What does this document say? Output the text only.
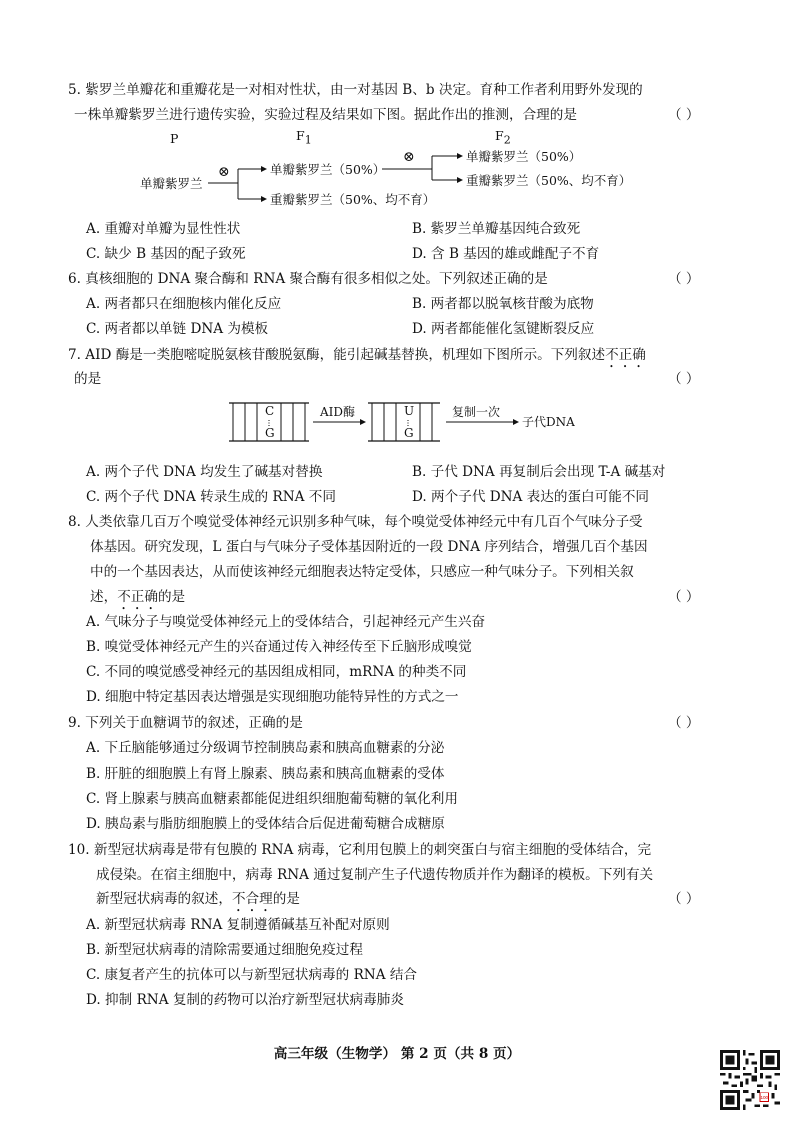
5. 紫罗兰单瓣花和重瓣花是一对相对性状，由一对基因 B、b 决定。育种工作者利用野外发现的
一株单瓣紫罗兰进行遗传实验，实验过程及结果如下图。据此作出的推测，合理的是	（ ）
P	$F_1$	$F_2$
单瓣紫罗兰
⊗	单瓣紫罗兰（50%）
重瓣紫罗兰（50%、均不育）
⊗	单瓣紫罗兰（50%）
重瓣紫罗兰（50%、均不育）
A. 重瓣对单瓣为显性性状	B. 紫罗兰单瓣基因纯合致死
C. 缺少 B 基因的配子致死	D. 含 B 基因的雄或雌配子不育
6. 真核细胞的 DNA 聚合酶和 RNA 聚合酶有很多相似之处。下列叙述正确的是	（ ）
A. 两者都只在细胞核内催化反应	B. 两者都以脱氧核苷酸为底物
C. 两者都以单链 DNA 为模板	D. 两者都能催化氢键断裂反应
7. AID 酶是一类胞嘧啶脱氨核苷酸脱氨酶，能引起碱基替换，机理如下图所示。下列叙述不正确
的是	（ ）
C
G
AID酶	U
G
复制一次
子代DNA
A. 两个子代 DNA 均发生了碱基对替换	B. 子代 DNA 再复制后会出现 T-A 碱基对
C. 两个子代 DNA 转录生成的 RNA 不同	D. 两个子代 DNA 表达的蛋白可能不同
8. 人类依靠几百万个嗅觉受体神经元识别多种气味，每个嗅觉受体神经元中有几百个气味分子受
体基因。研究发现，L 蛋白与气味分子受体基因附近的一段 DNA 序列结合，增强几百个基因
中的一个基因表达，从而使该神经元细胞表达特定受体，只感应一种气味分子。下列相关叙
述，不正确的是	（ ）
A. 气味分子与嗅觉受体神经元上的受体结合，引起神经元产生兴奋
B. 嗅觉受体神经元产生的兴奋通过传入神经传至下丘脑形成嗅觉
C. 不同的嗅觉感受神经元的基因组成相同，mRNA 的种类不同
D. 细胞中特定基因表达增强是实现细胞功能特异性的方式之一
9. 下列关于血糖调节的叙述，正确的是	（ ）
A. 下丘脑能够通过分级调节控制胰岛素和胰高血糖素的分泌
B. 肝脏的细胞膜上有肾上腺素、胰岛素和胰高血糖素的受体
C. 肾上腺素与胰高血糖素都能促进组织细胞葡萄糖的氧化利用
D. 胰岛素与脂肪细胞膜上的受体结合后促进葡萄糖合成糖原
10. 新型冠状病毒是带有包膜的 RNA 病毒，它利用包膜上的刺突蛋白与宿主细胞的受体结合，完
成侵染。在宿主细胞中，病毒 RNA 通过复制产生子代遗传物质并作为翻译的模板。下列有关
新型冠状病毒的叙述，不合理的是	（ ）
A. 新型冠状病毒 RNA 复制遵循碱基互补配对原则
B. 新型冠状病毒的清除需要通过细胞免疫过程
C. 康复者产生的抗体可以与新型冠状病毒的 RNA 结合
D. 抑制 RNA 复制的药物可以治疗新型冠状病毒肺炎
高三年级（生物学） 第 2 页（共 8 页）
100
